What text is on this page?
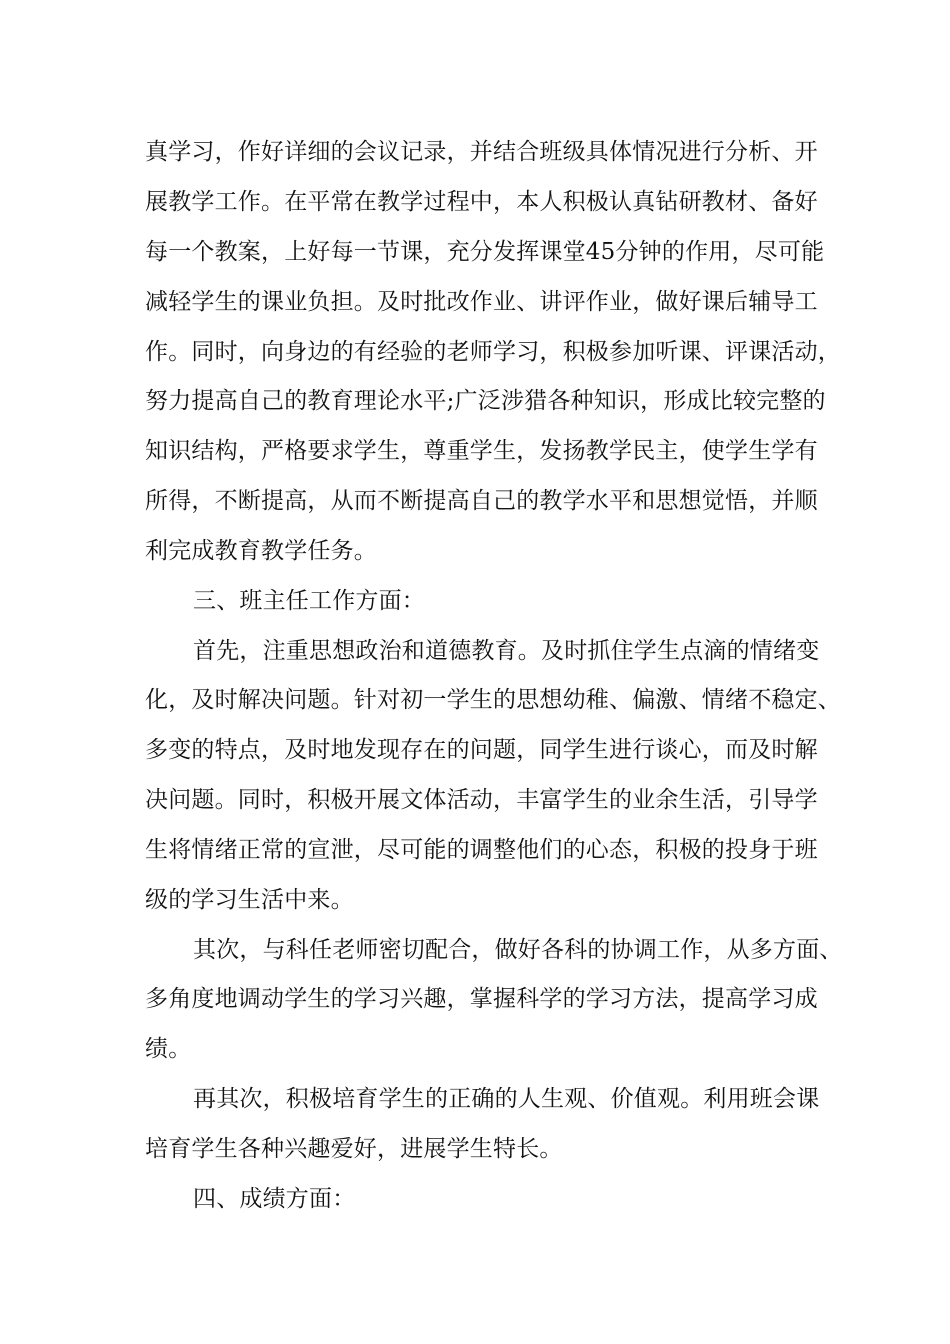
真学习，作好详细的会议记录，并结合班级具体情况进行分析、开
展教学工作。在平常在教学过程中，本人积极认真钻研教材、备好
每一个教案，上好每一节课，充分发挥课堂45分钟的作用，尽可能
减轻学生的课业负担。及时批改作业、讲评作业，做好课后辅导工
作。同时，向身边的有经验的老师学习，积极参加听课、评课活动，
努力提高自己的教育理论水平;广泛涉猎各种知识，形成比较完整的
知识结构，严格要求学生，尊重学生，发扬教学民主，使学生学有
所得，不断提高，从而不断提高自己的教学水平和思想觉悟，并顺
利完成教育教学任务。
三、班主任工作方面：
首先，注重思想政治和道德教育。及时抓住学生点滴的情绪变
化，及时解决问题。针对初一学生的思想幼稚、偏激、情绪不稳定、
多变的特点，及时地发现存在的问题，同学生进行谈心，而及时解
决问题。同时，积极开展文体活动，丰富学生的业余生活，引导学
生将情绪正常的宣泄，尽可能的调整他们的心态，积极的投身于班
级的学习生活中来。
其次，与科任老师密切配合，做好各科的协调工作，从多方面、
多角度地调动学生的学习兴趣，掌握科学的学习方法，提高学习成
绩。
再其次，积极培育学生的正确的人生观、价值观。利用班会课
培育学生各种兴趣爱好，进展学生特长。
四、成绩方面：
